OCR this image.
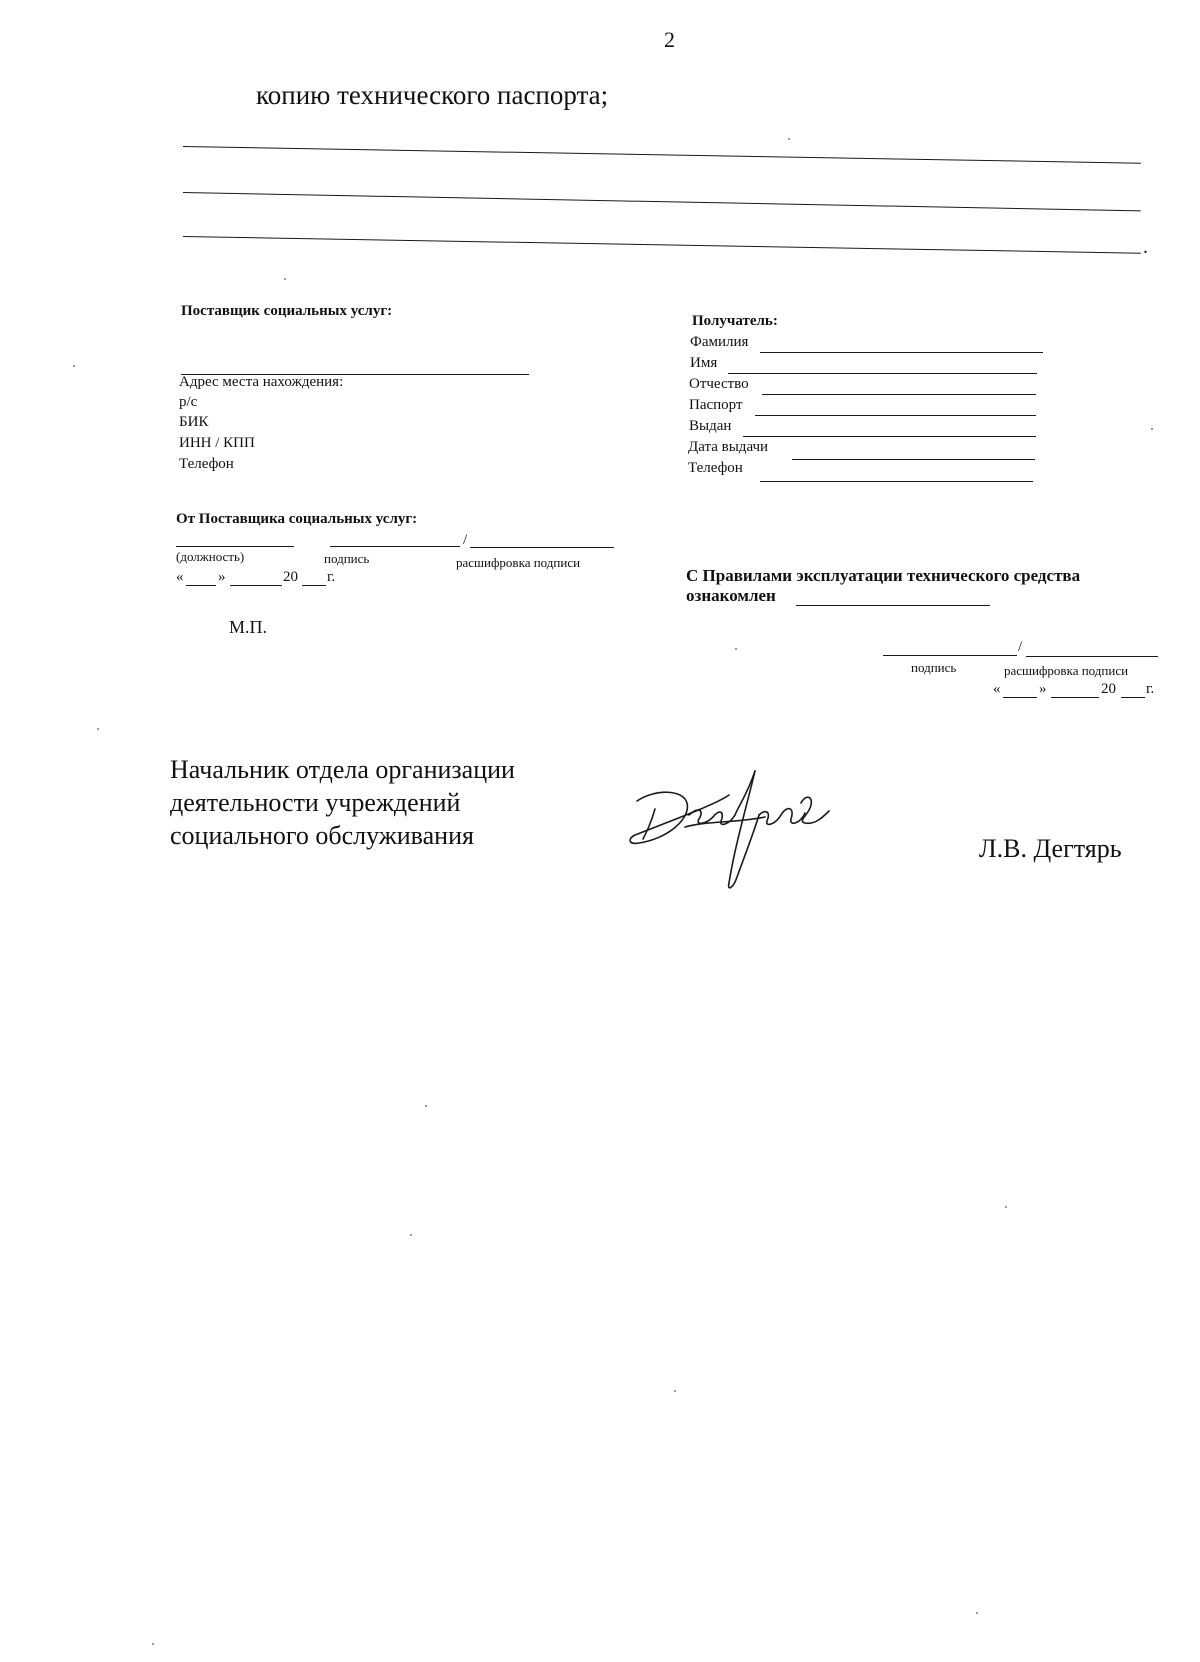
2
копию технического паспорта;
.
Поставщик социальных услуг:
Адрес места нахождения:
р/с
БИК
ИНН / КПП
Телефон
Получатель:
Фамилия
Имя
Отчество
Паспорт
Выдан
Дата выдачи
Телефон
От Поставщика социальных услуг:
/
(должность)	подпись	расшифровка подписи
« »	20 г.
М.П.
С Правилами эксплуатации технического средства
ознакомлен
/
подпись	расшифровка подписи
«	»	20 г.
Начальник отдела организации
деятельности учреждений
социального обслуживания	Л.В. Дегтярь
